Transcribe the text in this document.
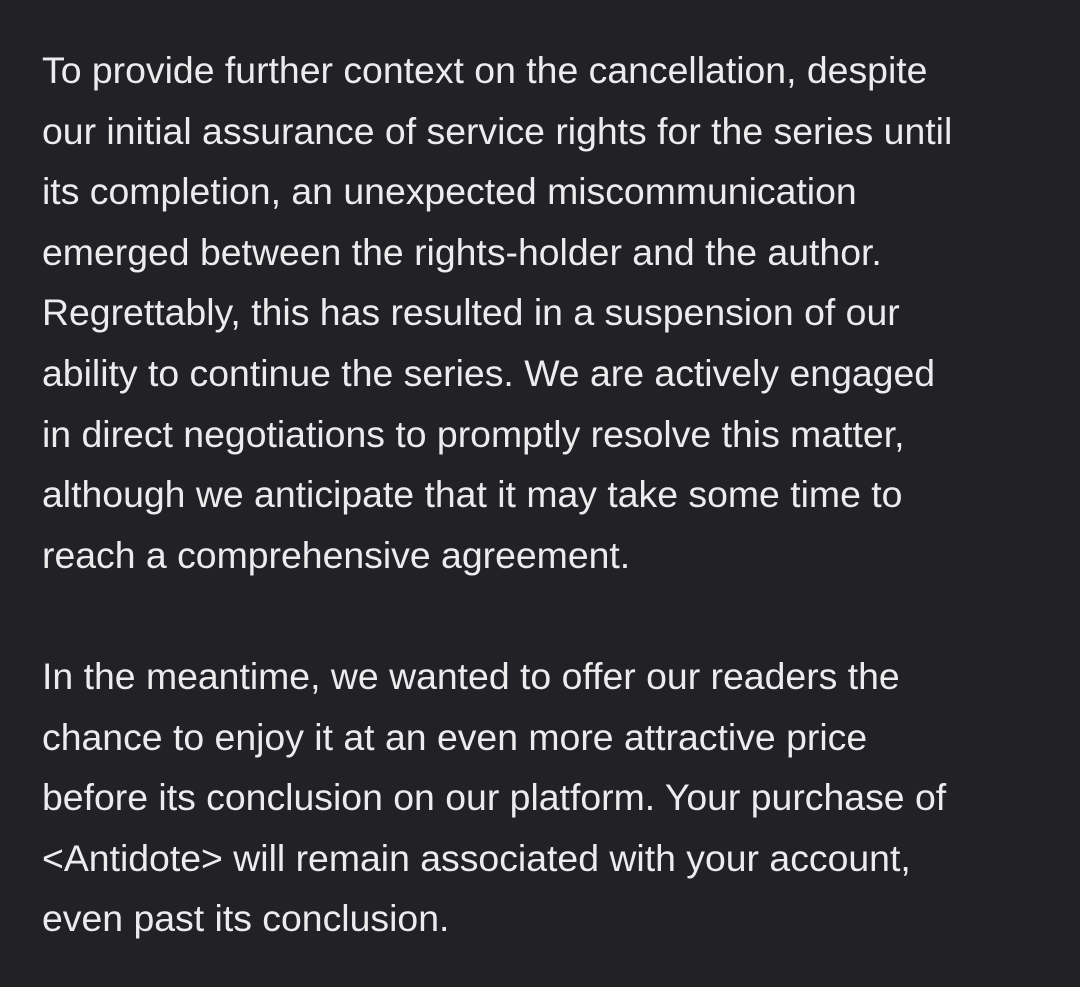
To provide further context on the cancellation, despite
our initial assurance of service rights for the series until
its completion, an unexpected miscommunication
emerged between the rights-holder and the author.
Regrettably, this has resulted in a suspension of our
ability to continue the series. We are actively engaged
in direct negotiations to promptly resolve this matter,
although we anticipate that it may take some time to
reach a comprehensive agreement.
In the meantime, we wanted to offer our readers the
chance to enjoy it at an even more attractive price
before its conclusion on our platform. Your purchase of
<Antidote> will remain associated with your account,
even past its conclusion.
